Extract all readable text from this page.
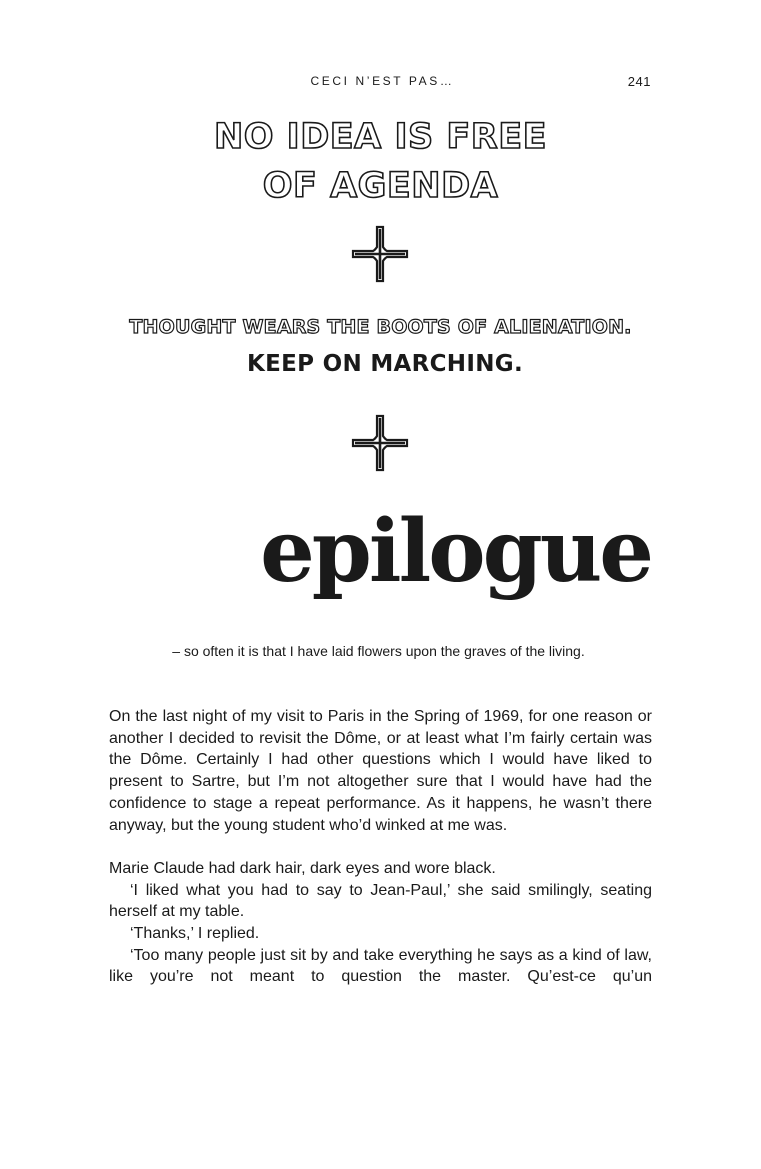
CECI N’EST PAS…	241
NO IDEA IS FREE
OF AGENDA
THOUGHT WEARS THE BOOTS OF ALIENATION.
KEEP ON MARCHING.
epilogue
– so often it is that I have laid flowers upon the graves of the living.

On the last night of my visit to Paris in the Spring of 1969, for one reason or another I decided to revisit the Dôme, or at least what I’m fairly certain was the Dôme. Certainly I had other questions which I would have liked to present to Sartre, but I’m not altogether sure that I would have had the confidence to stage a repeat performance. As it happens, he wasn’t there anyway, but the young student who’d winked at me was.

Marie Claude had dark hair, dark eyes and wore black.

‘I liked what you had to say to Jean-Paul,’ she said smilingly, seating herself at my table.

‘Thanks,’ I replied.

‘Too many people just sit by and take everything he says as a kind of law, like you’re not meant to question the master. Qu’est-ce qu’un
